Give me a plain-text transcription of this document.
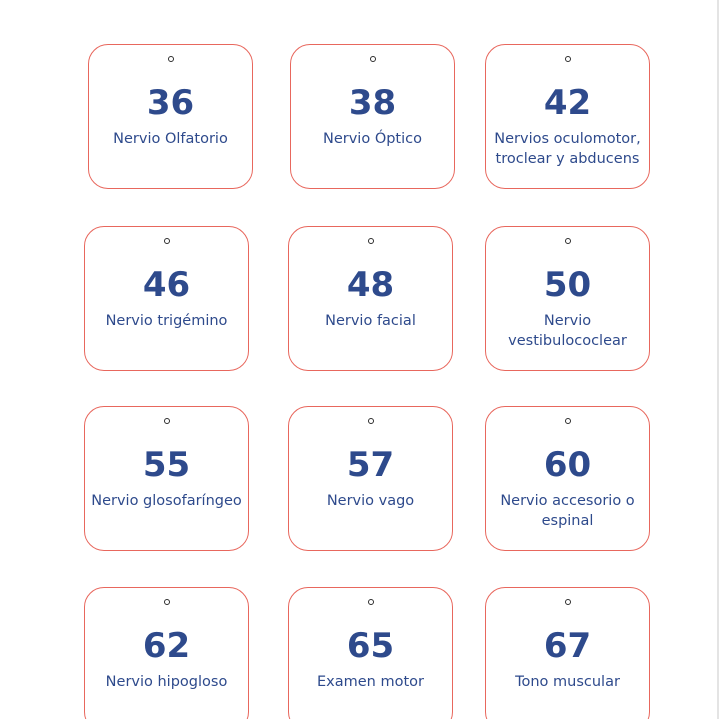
36
Nervio Olfatorio
38
Nervio Óptico
42
Nervios oculomotor, troclear y abducens
46
Nervio trigémino
48
Nervio facial
50
Nervio vestibulococlear
55
Nervio glosofaríngeo
57
Nervio vago
60
Nervio accesorio o espinal
62
Nervio hipogloso
65
Examen motor
67
Tono muscular
